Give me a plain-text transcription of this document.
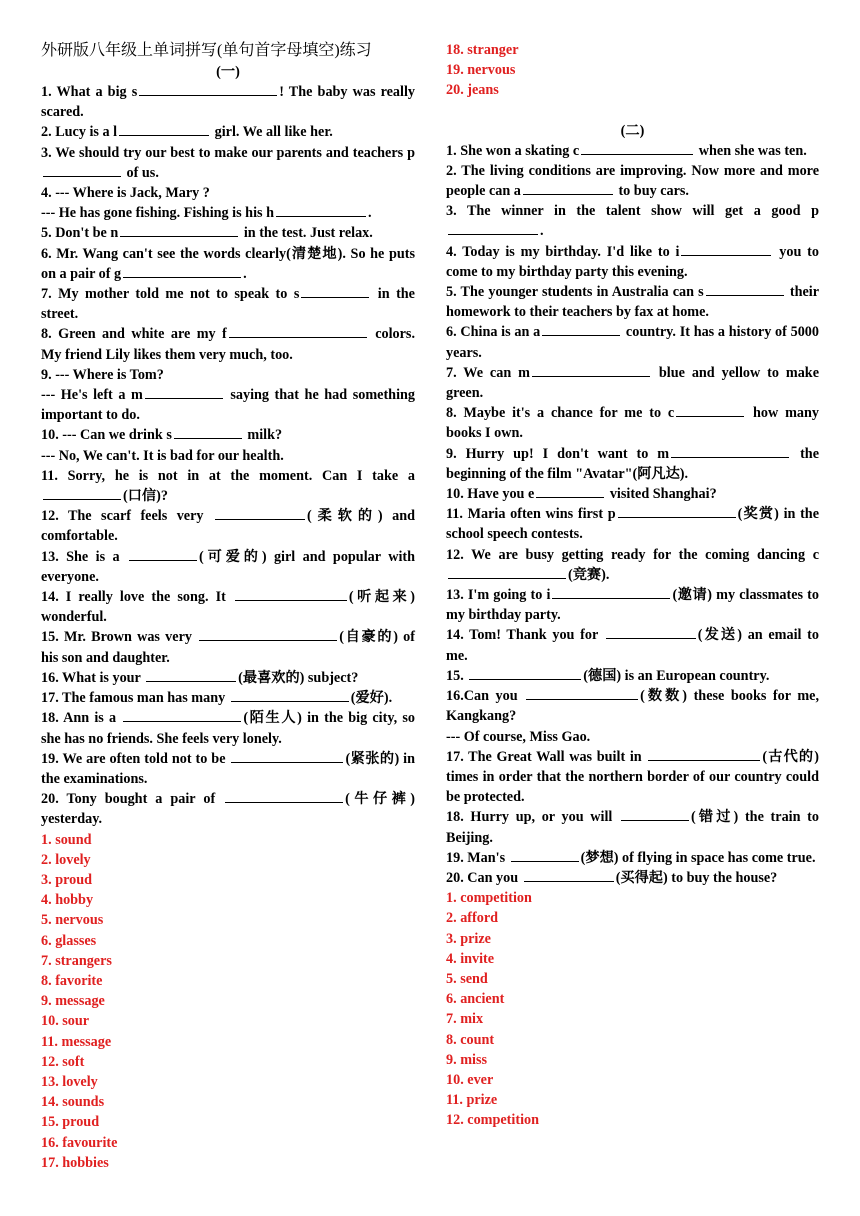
外研版八年级上单词拼写(单句首字母填空)练习
(一)
1. What a big s	! The baby was really scared.
2. Lucy is a l	girl. We all like her.
3. We should try our best to make our parents and teachers p of us.
4. --- Where is Jack, Mary ?
--- He has gone fishing. Fishing is his h	.
5. Don't be n	in the test. Just relax.
6. Mr. Wang can't see the words clearly(清楚地). So he puts on a pair of g	.
7. My mother told me not to speak to s	in the street.
8. Green and white are my f	colors. My friend Lily likes them very much, too.
9. --- Where is Tom?
--- He's left a m	saying that he had something important to do.
10. --- Can we drink s	milk?
--- No, We can't. It is bad for our health.
11. Sorry, he is not in at the moment. Can I take a (口信)?
12. The scarf feels very	(柔软的) and comfortable.
13. She is a	(可爱的) girl and popular with everyone.
14. I really love the song. It	(听起来) wonderful.
15. Mr. Brown was very	(自豪的) of his son and daughter.
16. What is your	(最喜欢的) subject?
17. The famous man has many	(爱好).
18. Ann is a	(陌生人) in the big city, so she has no friends. She feels very lonely.
19. We are often told not to be	(紧张的) in the examinations.
20. Tony bought a pair of	(牛仔裤) yesterday.
1. sound
2. lovely
3. proud
4. hobby
5. nervous
6. glasses
7. strangers
8. favorite
9. message
10. sour
11. message
12. soft
13. lovely
14. sounds
15. proud
16. favourite
17. hobbies
18. stranger
19. nervous
20. jeans
(二)
1. She won a skating c	when she was ten.
2. The living conditions are improving. Now more and more people can a	to buy cars.
3. The winner in the talent show will get a good p.
4. Today is my birthday. I'd like to i	you to come to my birthday party this evening.
5. The younger students in Australia can s	their homework to their teachers by fax at home.
6. China is an a	country. It has a history of 5000 years.
7. We can m	blue and yellow to make green.
8. Maybe it's a chance for me to c	how many books I own.
9. Hurry up! I don't want to m	the beginning of the film "Avatar"(阿凡达).
10. Have you e	visited Shanghai?
11. Maria often wins first p	(奖赏) in the school speech contests.
12. We are busy getting ready for the coming dancing c(竞赛).
13. I'm going to i	(邀请) my classmates to my birthday party.
14. Tom! Thank you for	(发送) an email to me.
15.	(德国) is an European country.
16.Can you	(数数) these books for me, Kangkang?
--- Of course, Miss Gao.
17. The Great Wall was built in	(古代的) times in order that the northern border of our country could be protected.
18. Hurry up, or you will	(错过) the train to Beijing.
19. Man's	(梦想) of flying in space has come true.
20. Can you	(买得起) to buy the house?
1. competition
2. afford
3. prize
4. invite
5. send
6. ancient
7. mix
8. count
9. miss
10. ever
11. prize
12. competition
